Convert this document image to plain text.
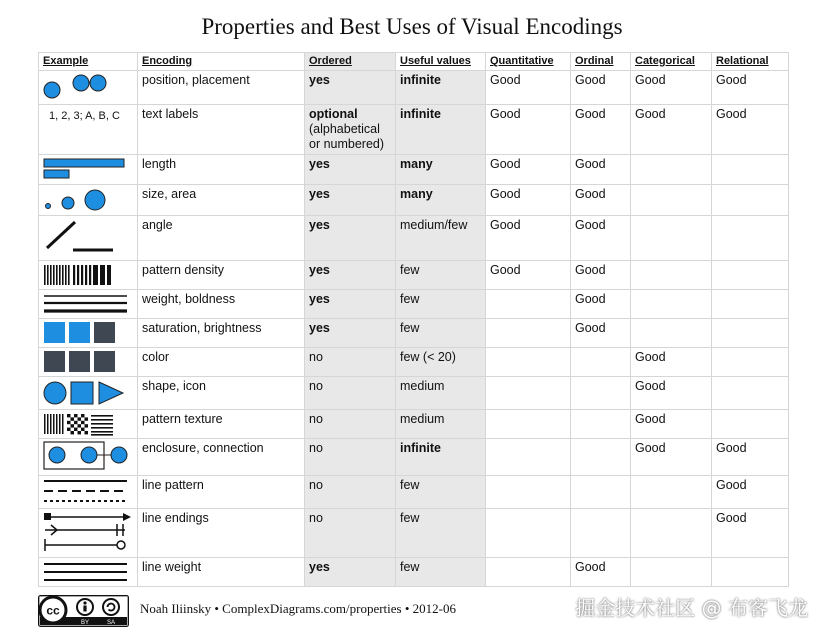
Properties and Best Uses of Visual Encodings
Example	Encoding	Ordered	Useful values	Quantitative	Ordinal	Categorical	Relational

	position, placement	yes	infinite	Good	Good	Good	Good

1, 2, 3; A, B, C	text labels	optional
(alphabetical or numbered)	infinite	Good	Good	Good	Good

	length	yes	many	Good	Good		

	size, area	yes	many	Good	Good		

	angle	yes	medium/few	Good	Good		

	pattern density	yes	few	Good	Good		

	weight, boldness	yes	few		Good		

	saturation, brightness	yes	few		Good		

	color	no	few (< 20)			Good	

	shape, icon	no	medium			Good	

	pattern texture	no	medium			Good	

	enclosure, connection	no	infinite			Good	Good

	line pattern	no	few				Good

	line endings	no	few				Good

	line weight	yes	few		Good		
cc
BY	SA
Noah Iliinsky • ComplexDiagrams.com/properties • 2012-06	掘金技术社区 @ 布客飞龙
